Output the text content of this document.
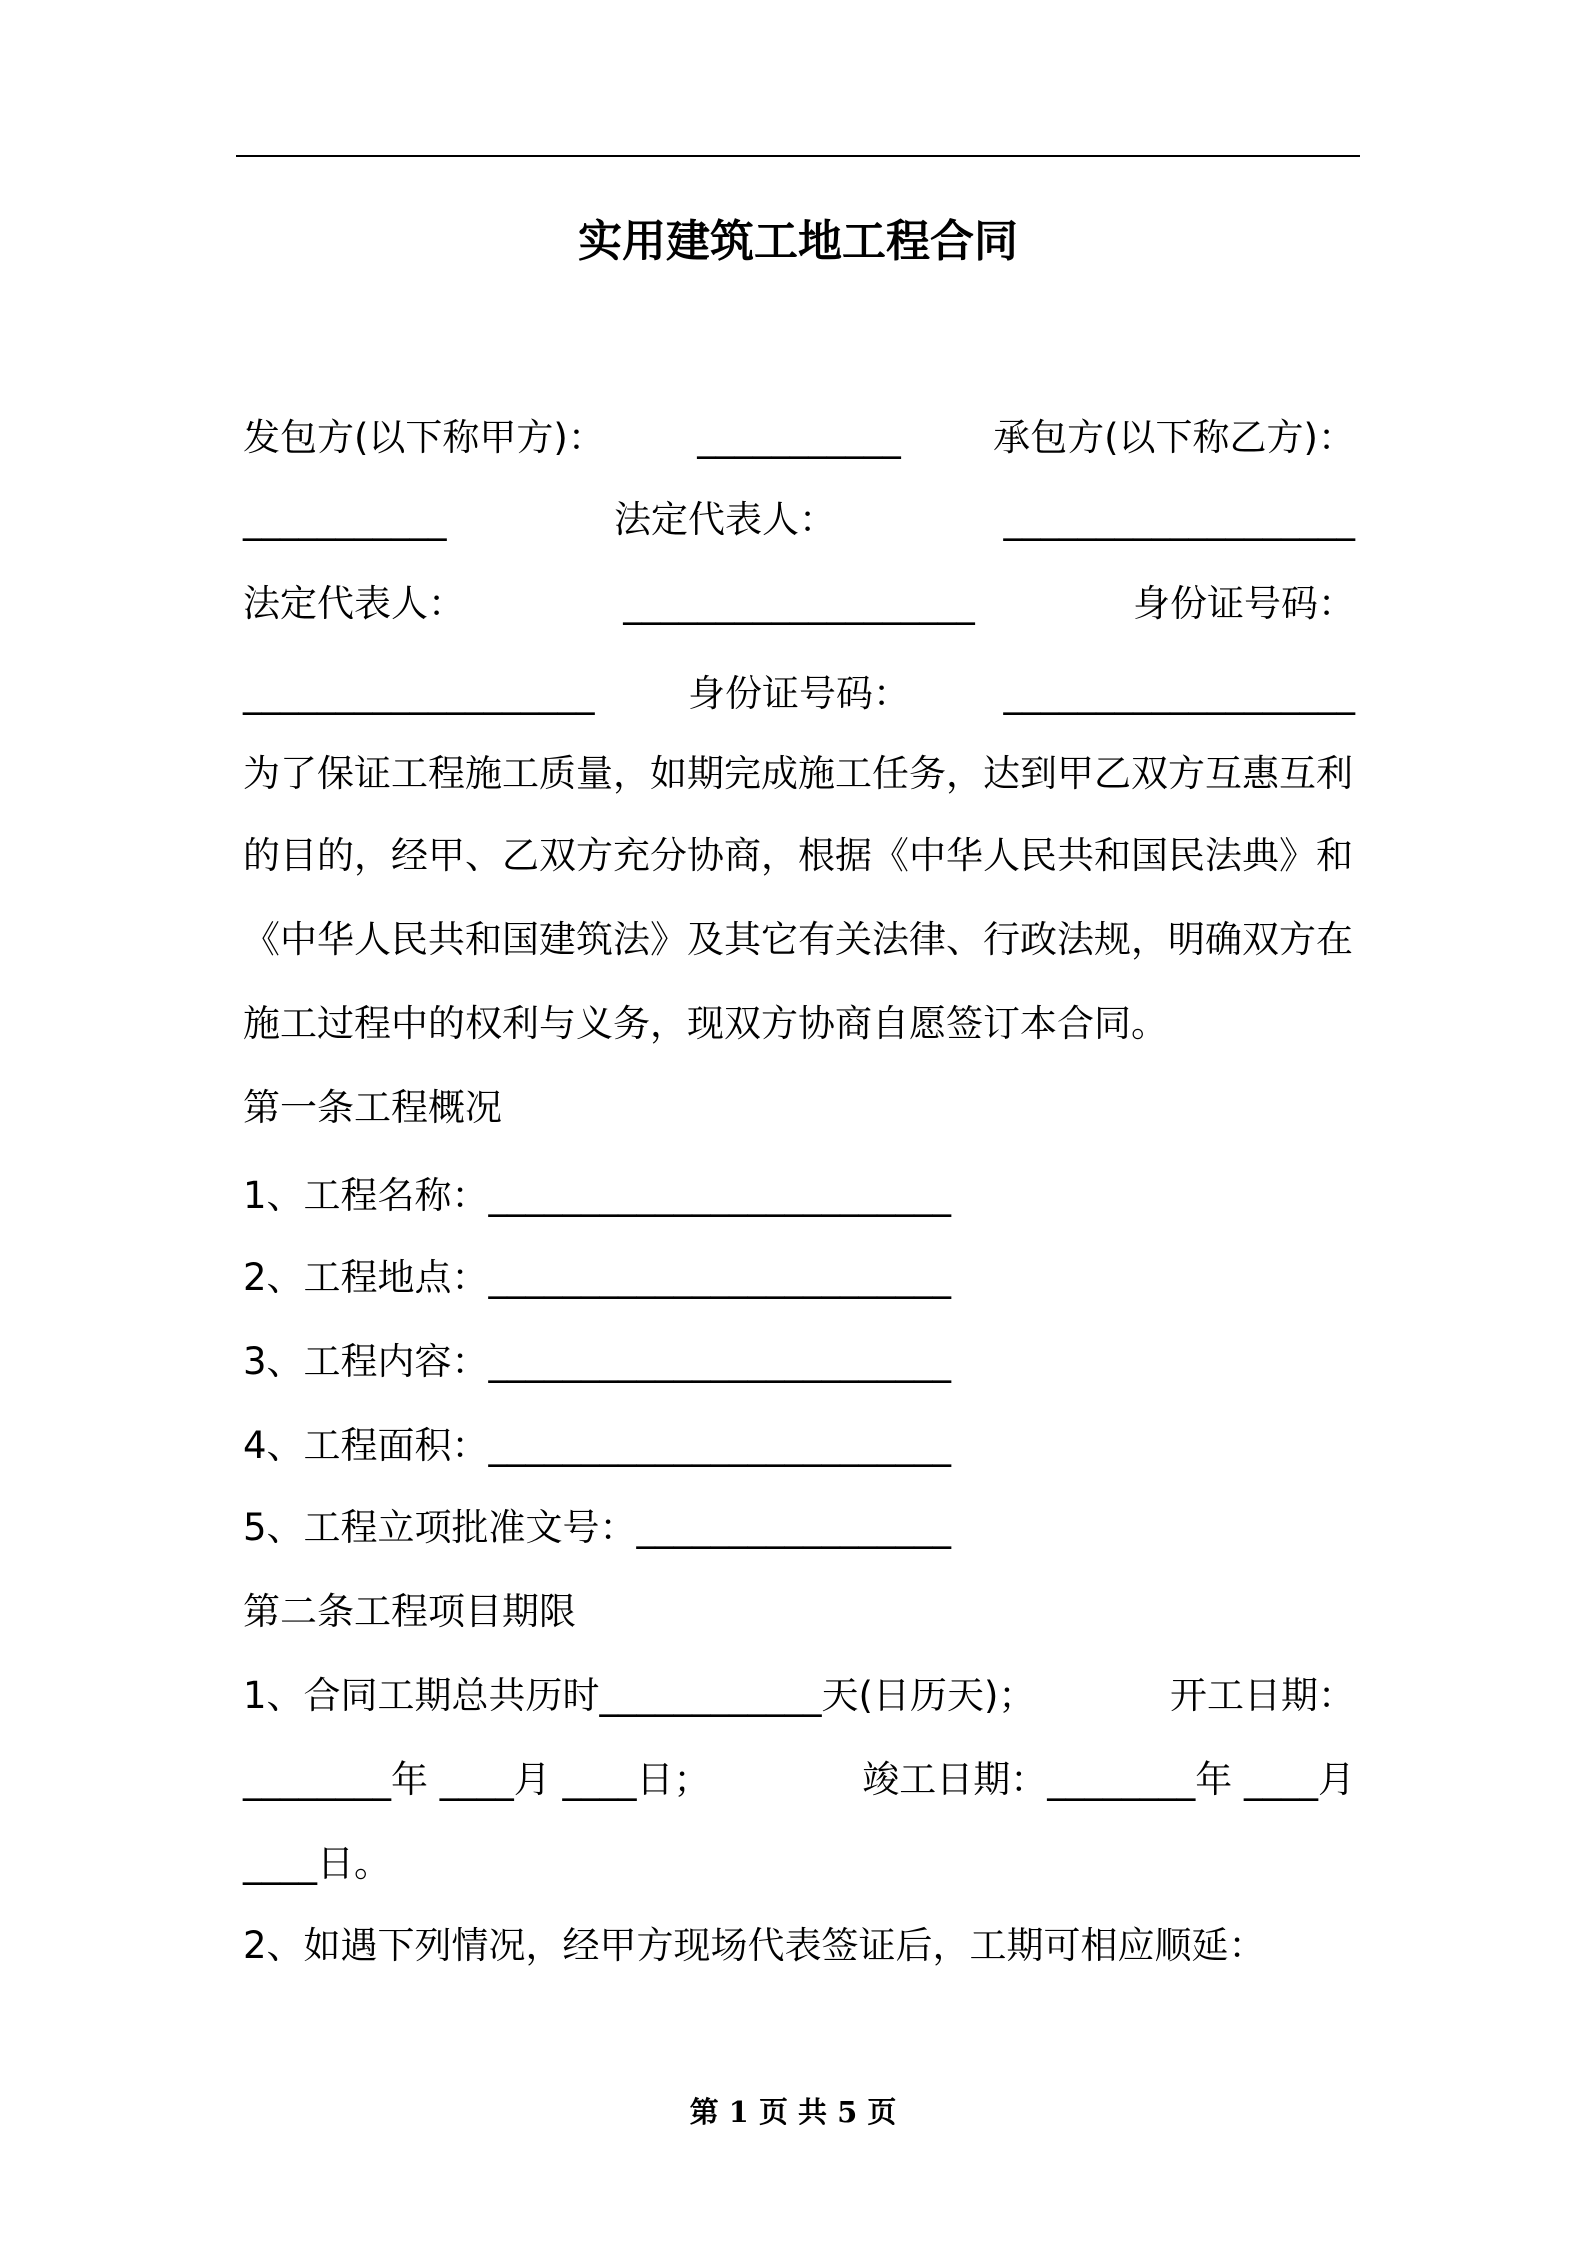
实用建筑工地工程合同
发包方(以下称甲方)： ___________ 承包方(以下称乙方)：
___________	法定代表人：	___________________
法定代表人：	___________________	身份证号码：
___________________	身份证号码：	___________________
为了保证工程施工质量，如期完成施工任务，达到甲乙双方互惠互利
的目的，经甲、乙双方充分协商，根据《中华人民共和国民法典》和
《中华人民共和国建筑法》及其它有关法律、行政法规，明确双方在
施工过程中的权利与义务，现双方协商自愿签订本合同。
第一条工程概况
1、工程名称：_________________________
2、工程地点：_________________________
3、工程内容：_________________________
4、工程面积：_________________________
5、工程立项批准文号：_________________
第二条工程项目期限
1、合同工期总共历时____________天(日历天)；	开工日期：
________年 ____月 ____日；	竣工日期：________年 ____月
____日。
2、如遇下列情况，经甲方现场代表签证后，工期可相应顺延：
第 1 页 共 5 页
